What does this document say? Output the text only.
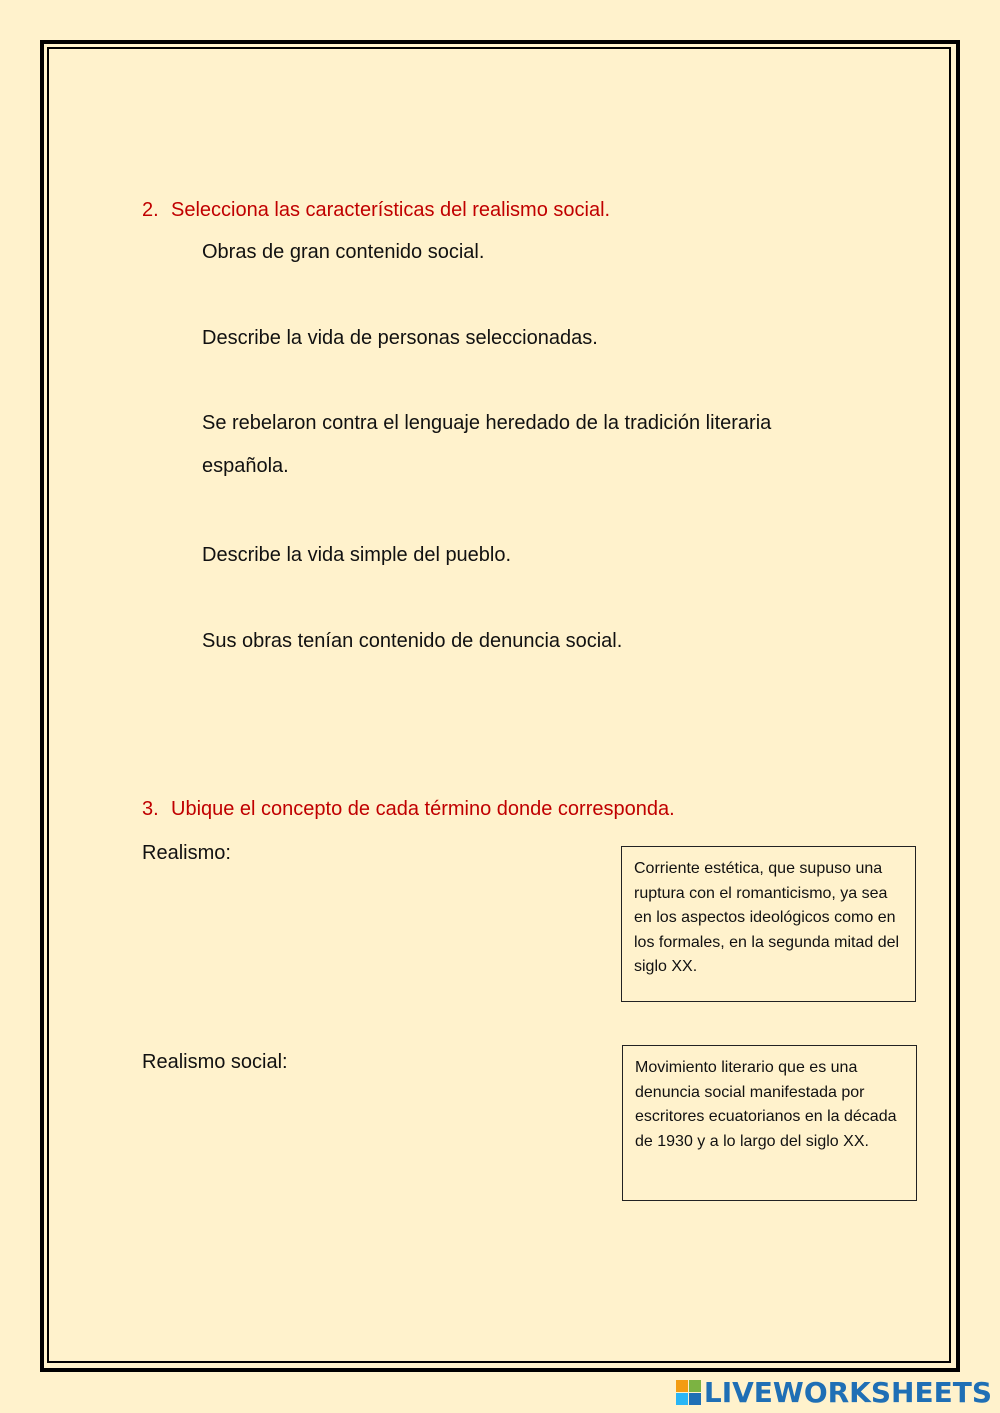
2. Selecciona las características del realismo social.
Obras de gran contenido social.
Describe la vida de personas seleccionadas.
Se rebelaron contra el lenguaje heredado de la tradición literaria española.
Describe la vida simple del pueblo.
Sus obras tenían contenido de denuncia social.
3. Ubique el concepto de cada término donde corresponda.
Realismo:
Realismo social:
Corriente estética, que supuso una ruptura con el romanticismo, ya sea en los aspectos ideológicos como en los formales, en la segunda mitad del siglo XX.
Movimiento literario que es una denuncia social manifestada por escritores ecuatorianos en la década de 1930 y a lo largo del siglo XX.
LIVEWORKSHEETS
